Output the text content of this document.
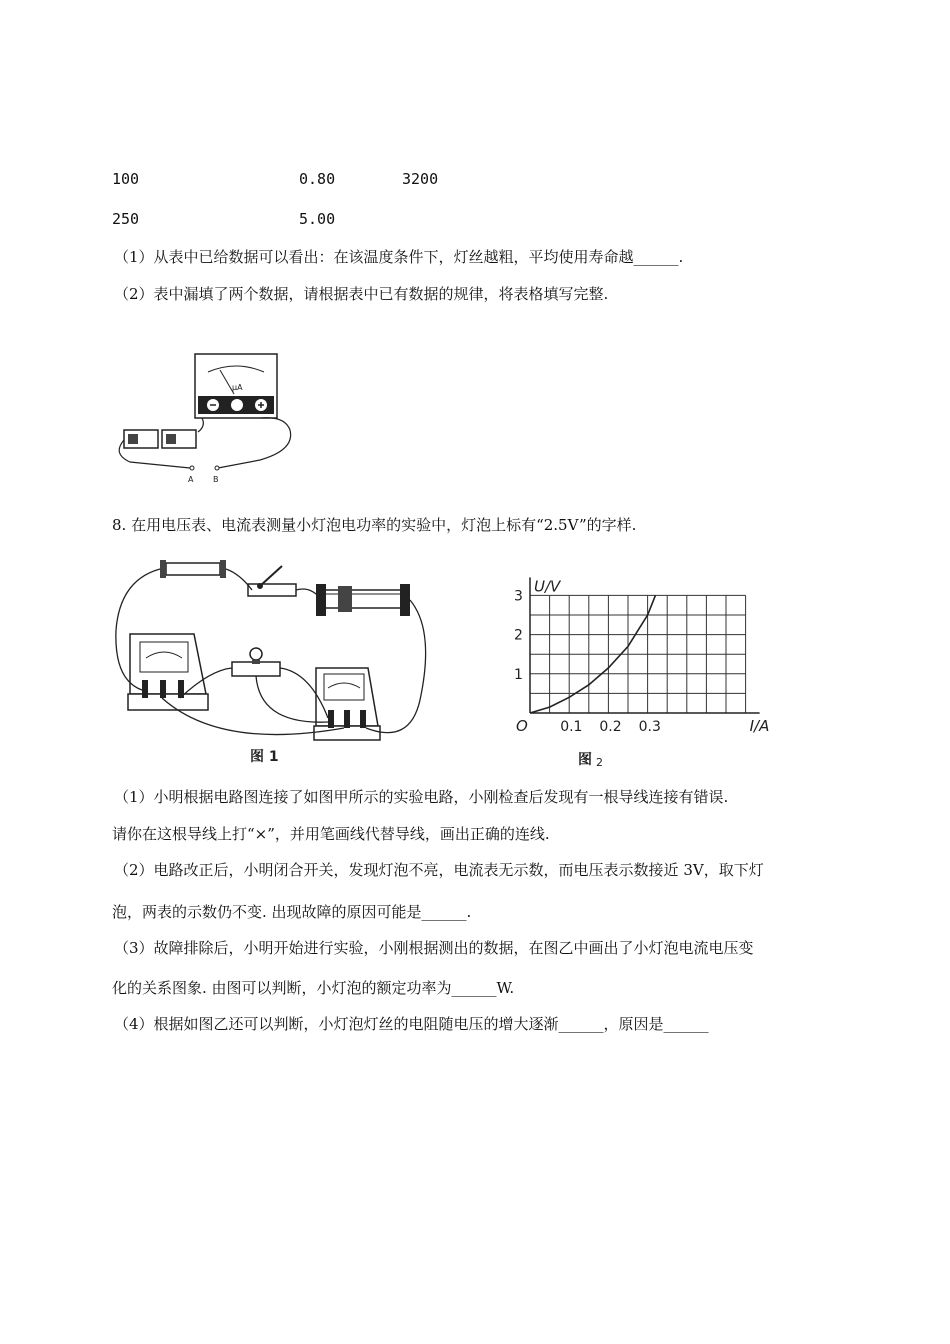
100	0.80	3200
250	5.00
（1）从表中已给数据可以看出：在该温度条件下，灯丝越粗，平均使用寿命越______.
（2）表中漏填了两个数据，请根据表中已有数据的规律，将表格填写完整.
μA
A B
8. 在用电压表、电流表测量小灯泡电功率的实验中，灯泡上标有“2.5V”的字样.
图 1
U/V
I/A
O 0.1 0.2 0.3
1
2
3
图 2
（1）小明根据电路图连接了如图甲所示的实验电路，小刚检查后发现有一根导线连接有错误.
请你在这根导线上打“×”，并用笔画线代替导线，画出正确的连线.
（2）电路改正后，小明闭合开关，发现灯泡不亮，电流表无示数，而电压表示数接近 3V，取下灯
泡，两表的示数仍不变. 出现故障的原因可能是______.
（3）故障排除后，小明开始进行实验，小刚根据测出的数据，在图乙中画出了小灯泡电流电压变
化的关系图象. 由图可以判断，小灯泡的额定功率为______W.
（4）根据如图乙还可以判断，小灯泡灯丝的电阻随电压的增大逐渐______，原因是______
